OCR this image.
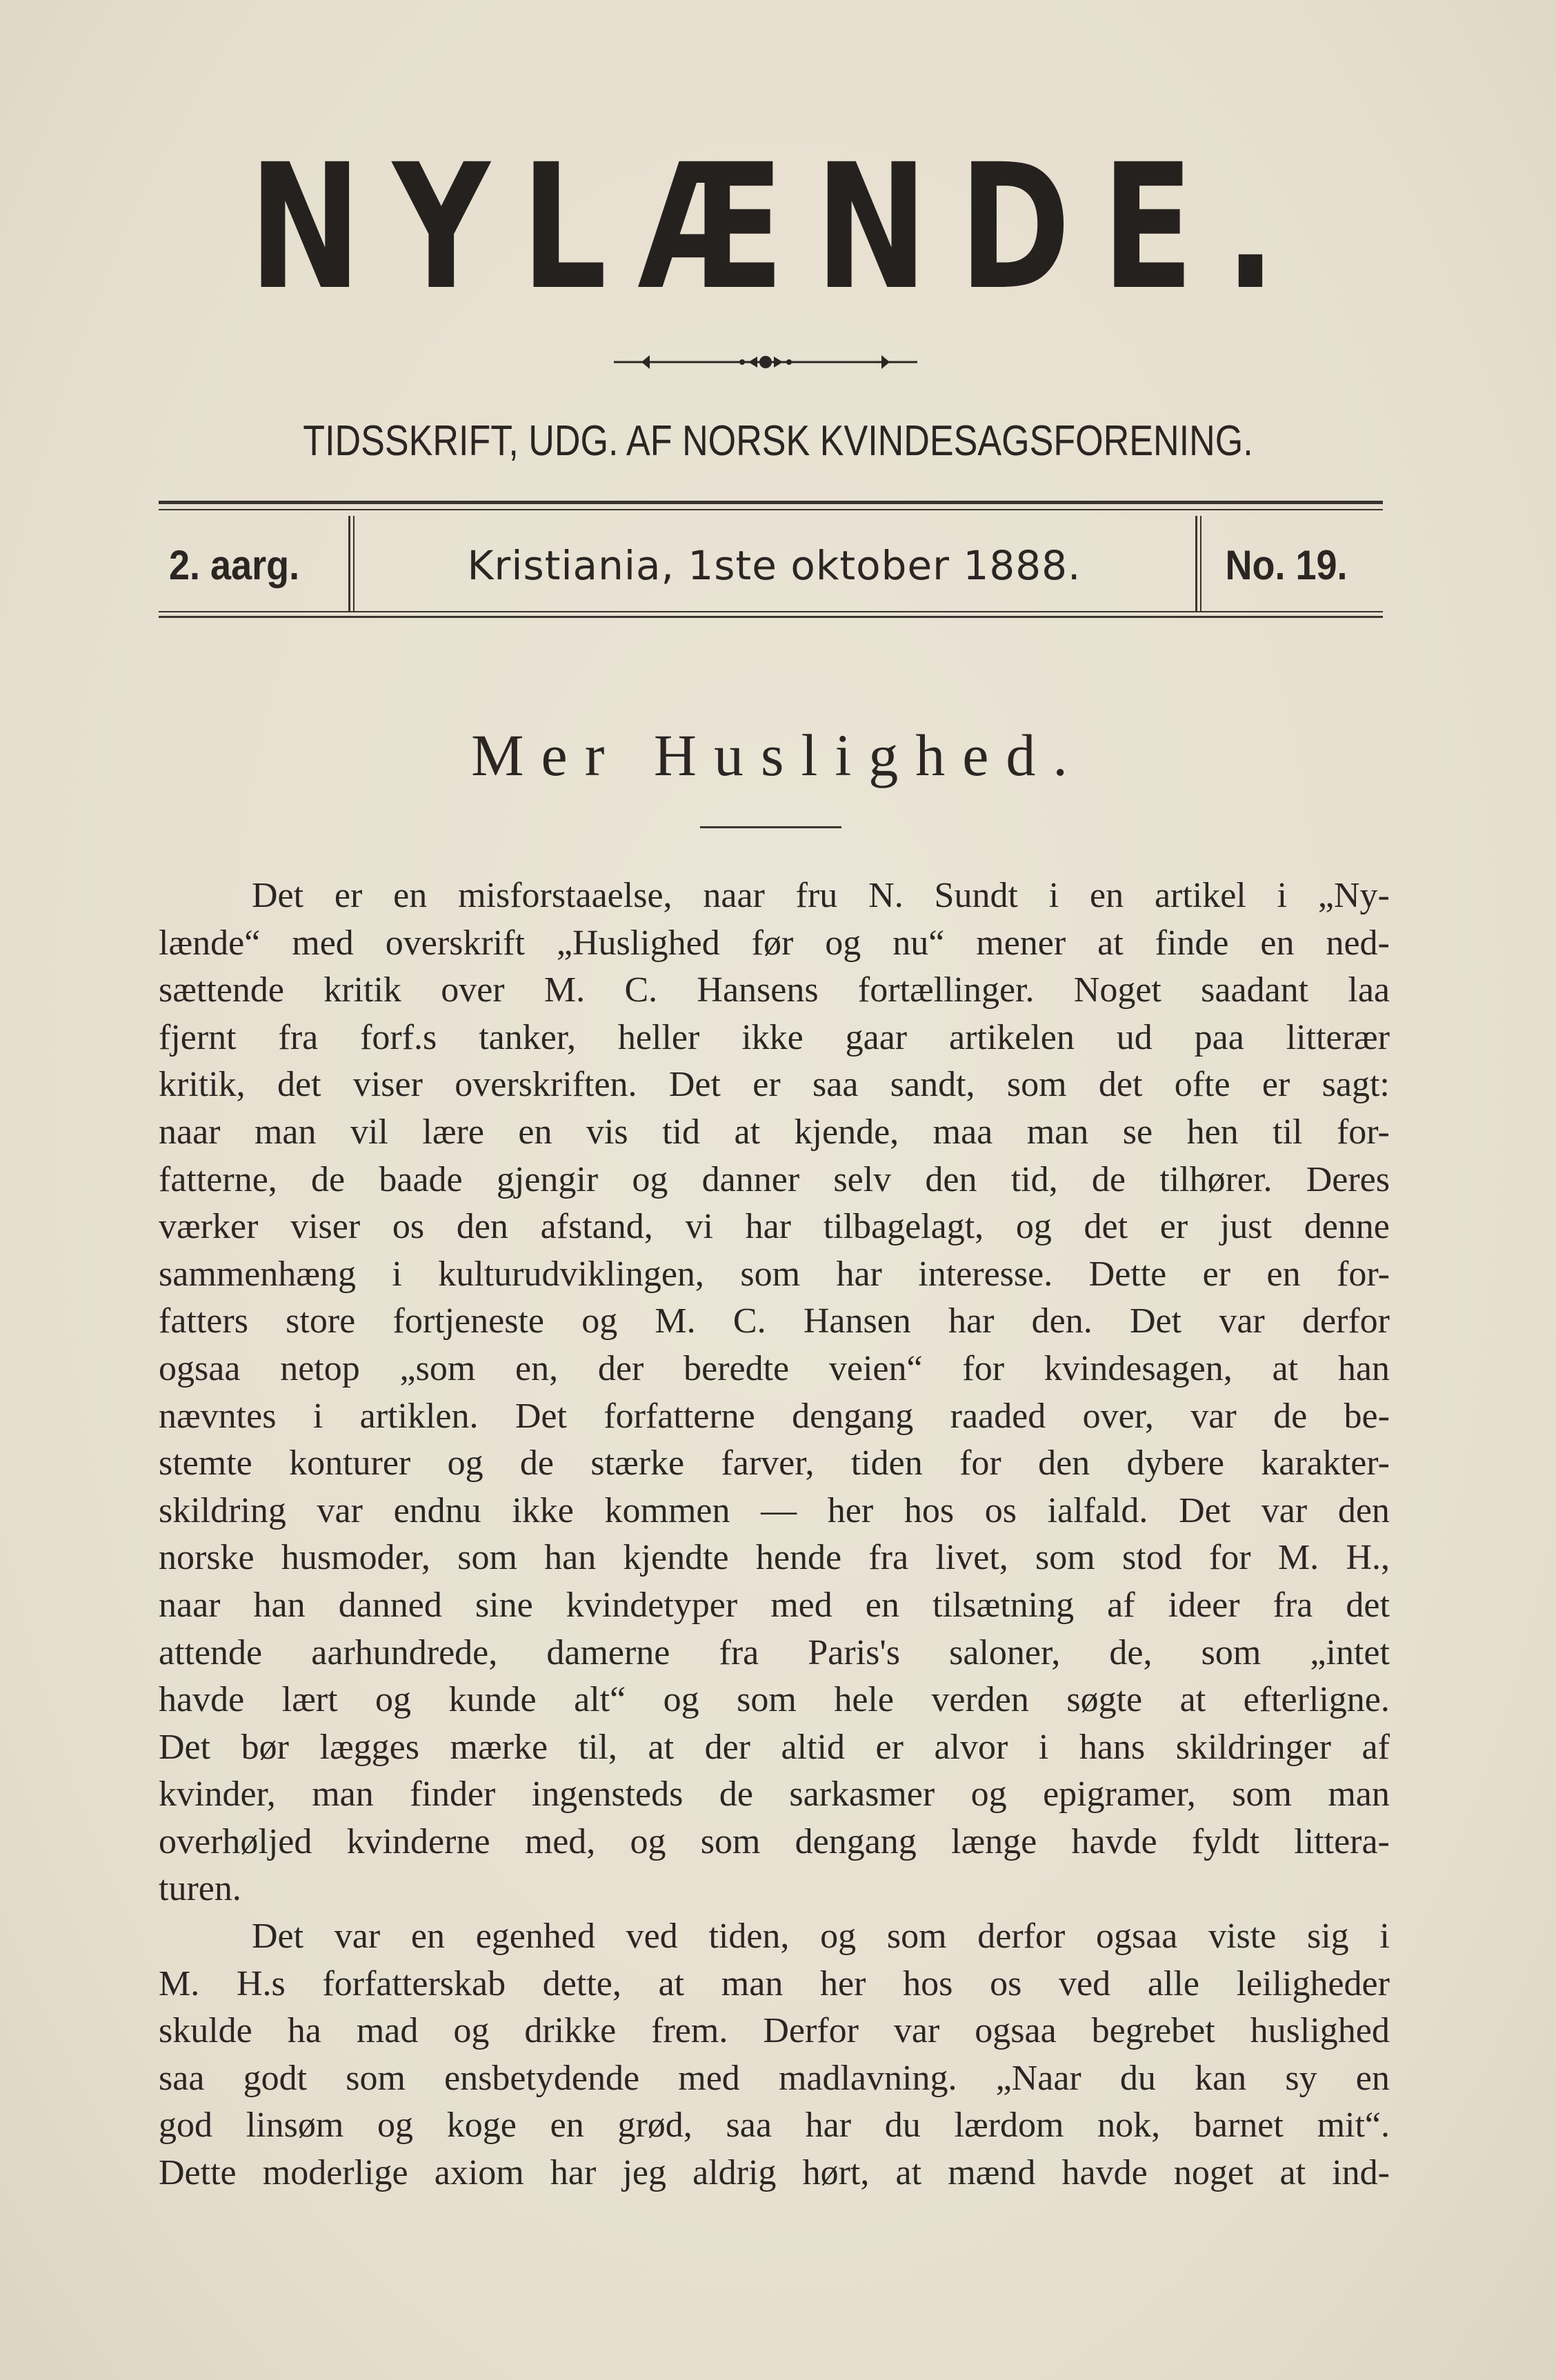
NYLÆNDE.
TIDSSKRIFT, UDG. AF NORSK KVINDESAGSFORENING.
2. aarg.	Kristiania, 1ste oktober 1888.	No. 19.
Mer Huslighed.
Det er en misforstaaelse, naar fru N. Sundt i en artikel i „Ny-
lænde“ med overskrift „Huslighed før og nu“ mener at finde en ned-
sættende kritik over M. C. Hansens fortællinger. Noget saadant laa
fjernt fra forf.s tanker, heller ikke gaar artikelen ud paa litterær
kritik, det viser overskriften. Det er saa sandt, som det ofte er sagt:
naar man vil lære en vis tid at kjende, maa man se hen til for-
fatterne, de baade gjengir og danner selv den tid, de tilhører. Deres
værker viser os den afstand, vi har tilbagelagt, og det er just denne
sammenhæng i kulturudviklingen, som har interesse. Dette er en for-
fatters store fortjeneste og M. C. Hansen har den. Det var derfor
ogsaa netop „som en, der beredte veien“ for kvindesagen, at han
nævntes i artiklen. Det forfatterne dengang raaded over, var de be-
stemte konturer og de stærke farver, tiden for den dybere karakter-
skildring var endnu ikke kommen — her hos os ialfald. Det var den
norske husmoder, som han kjendte hende fra livet, som stod for M. H.,
naar han danned sine kvindetyper med en tilsætning af ideer fra det
attende aarhundrede, damerne fra Paris's saloner, de, som „intet
havde lært og kunde alt“ og som hele verden søgte at efterligne.
Det bør lægges mærke til, at der altid er alvor i hans skildringer af
kvinder, man finder ingensteds de sarkasmer og epigramer, som man
overhøljed kvinderne med, og som dengang længe havde fyldt littera-
turen.
Det var en egenhed ved tiden, og som derfor ogsaa viste sig i
M. H.s forfatterskab dette, at man her hos os ved alle leiligheder
skulde ha mad og drikke frem. Derfor var ogsaa begrebet huslighed
saa godt som ensbetydende med madlavning. „Naar du kan sy en
god linsøm og koge en grød, saa har du lærdom nok, barnet mit“.
Dette moderlige axiom har jeg aldrig hørt, at mænd havde noget at ind-
